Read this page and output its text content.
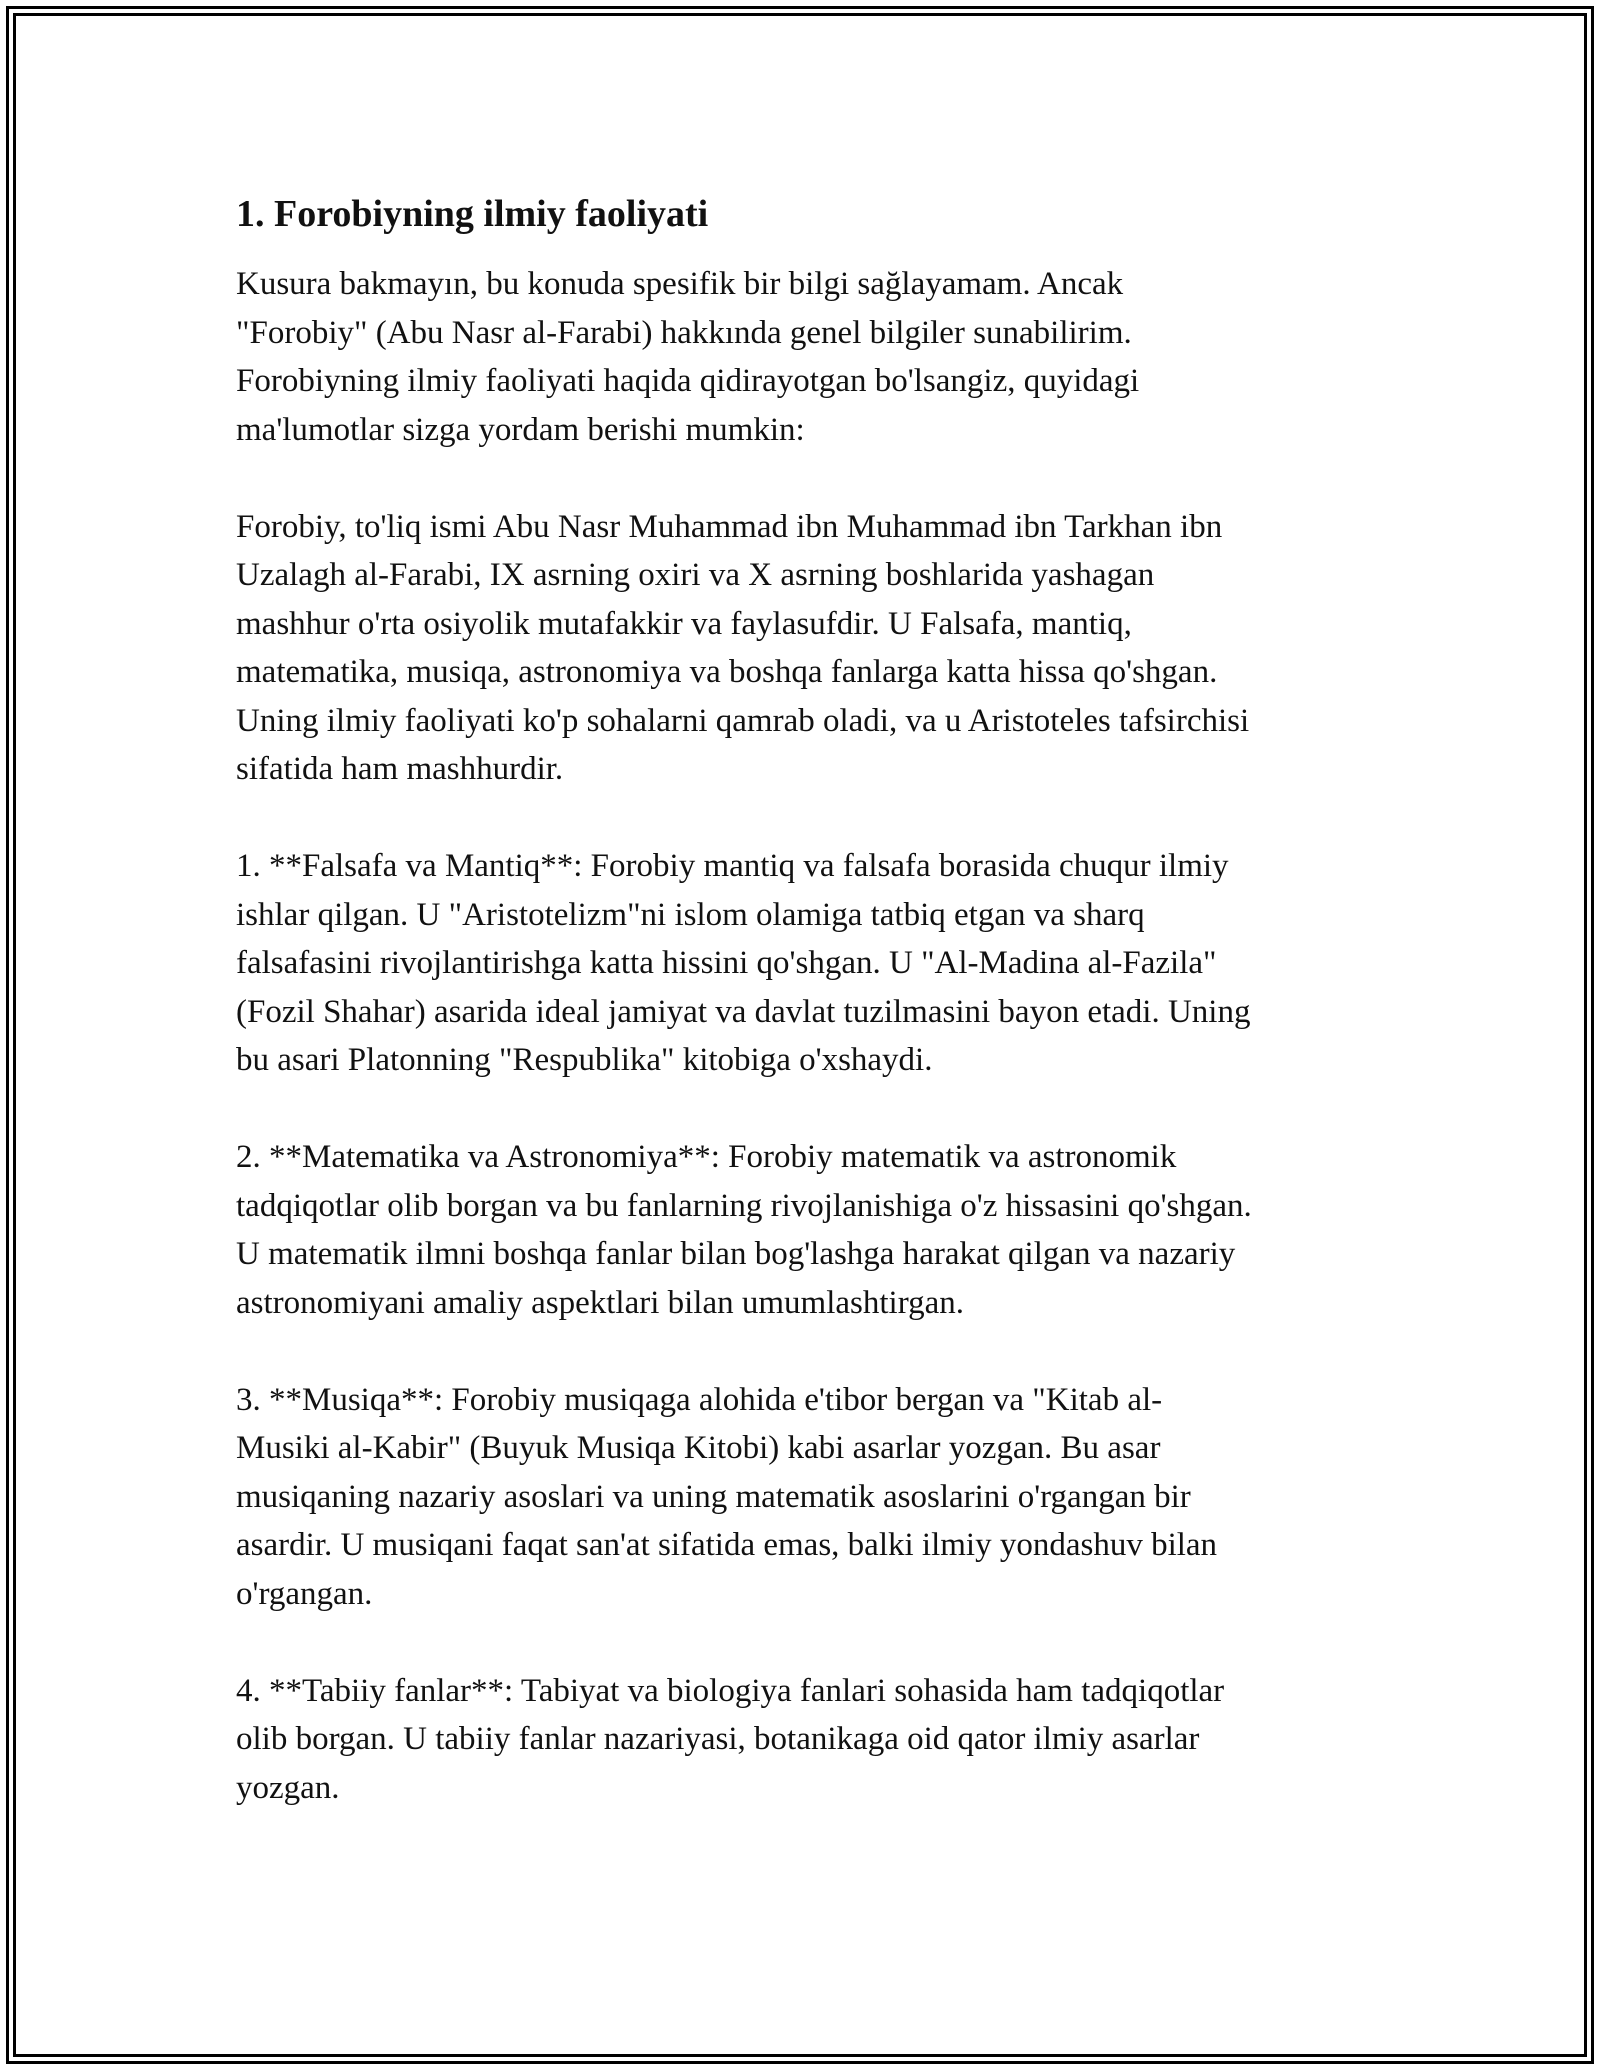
1. Forobiyning ilmiy faoliyati

Kusura bakmayın, bu konuda spesifik bir bilgi sağlayamam. Ancak
"Forobiy" (Abu Nasr al-Farabi) hakkında genel bilgiler sunabilirim.
Forobiyning ilmiy faoliyati haqida qidirayotgan bo'lsangiz, quyidagi
ma'lumotlar sizga yordam berishi mumkin:

Forobiy, to'liq ismi Abu Nasr Muhammad ibn Muhammad ibn Tarkhan ibn
Uzalagh al-Farabi, IX asrning oxiri va X asrning boshlarida yashagan
mashhur o'rta osiyolik mutafakkir va faylasufdir. U Falsafa, mantiq,
matematika, musiqa, astronomiya va boshqa fanlarga katta hissa qo'shgan.
Uning ilmiy faoliyati ko'p sohalarni qamrab oladi, va u Aristoteles tafsirchisi
sifatida ham mashhurdir.

1. **Falsafa va Mantiq**: Forobiy mantiq va falsafa borasida chuqur ilmiy
ishlar qilgan. U "Aristotelizm"ni islom olamiga tatbiq etgan va sharq
falsafasini rivojlantirishga katta hissini qo'shgan. U "Al-Madina al-Fazila"
(Fozil Shahar) asarida ideal jamiyat va davlat tuzilmasini bayon etadi. Uning
bu asari Platonning "Respublika" kitobiga o'xshaydi.

2. **Matematika va Astronomiya**: Forobiy matematik va astronomik
tadqiqotlar olib borgan va bu fanlarning rivojlanishiga o'z hissasini qo'shgan.
U matematik ilmni boshqa fanlar bilan bog'lashga harakat qilgan va nazariy
astronomiyani amaliy aspektlari bilan umumlashtirgan.

3. **Musiqa**: Forobiy musiqaga alohida e'tibor bergan va "Kitab al-
Musiki al-Kabir" (Buyuk Musiqa Kitobi) kabi asarlar yozgan. Bu asar
musiqaning nazariy asoslari va uning matematik asoslarini o'rgangan bir
asardir. U musiqani faqat san'at sifatida emas, balki ilmiy yondashuv bilan
o'rgangan.

4. **Tabiiy fanlar**: Tabiyat va biologiya fanlari sohasida ham tadqiqotlar
olib borgan. U tabiiy fanlar nazariyasi, botanikaga oid qator ilmiy asarlar
yozgan.
